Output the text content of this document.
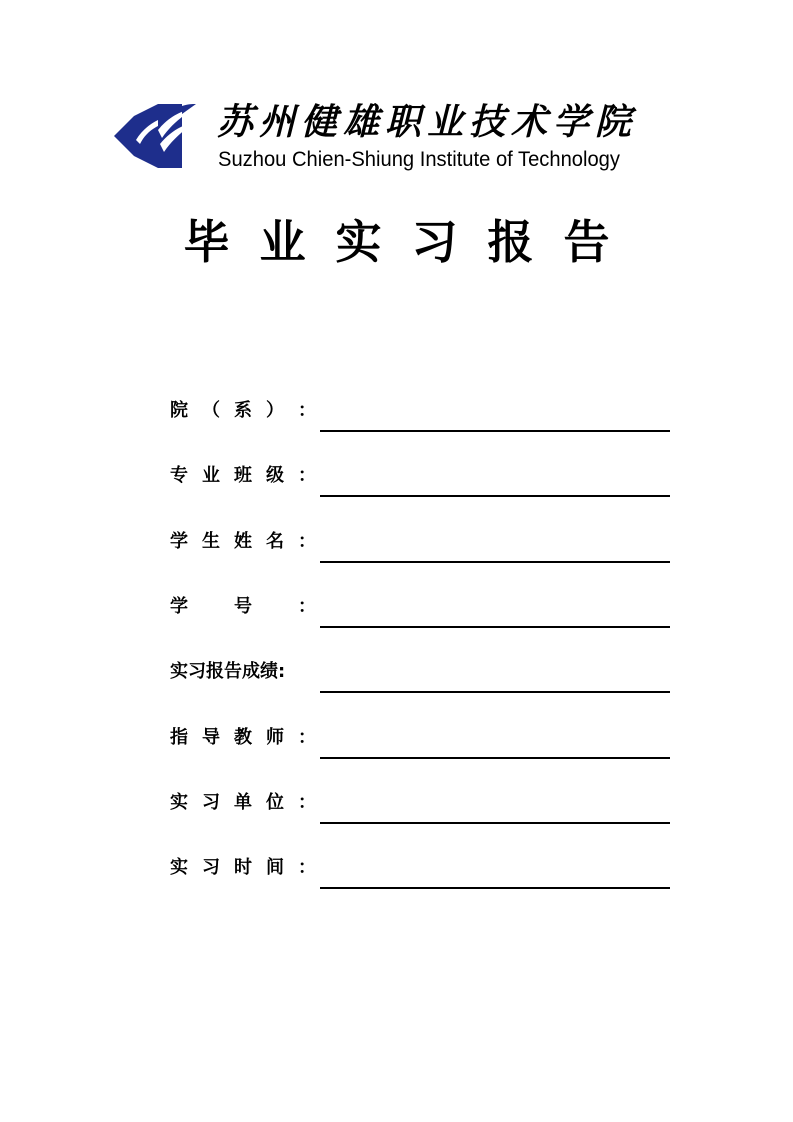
苏州健雄职业技术学院
Suzhou Chien-Shiung Institute of Technology
毕业实习报告
院 （ 系 ） ：
专 业 班 级 ：
学 生 姓 名 ：
学	号	：
实习报告成绩:
指 导 教 师 ：
实 习 单 位 ：
实 习 时 间 ：
